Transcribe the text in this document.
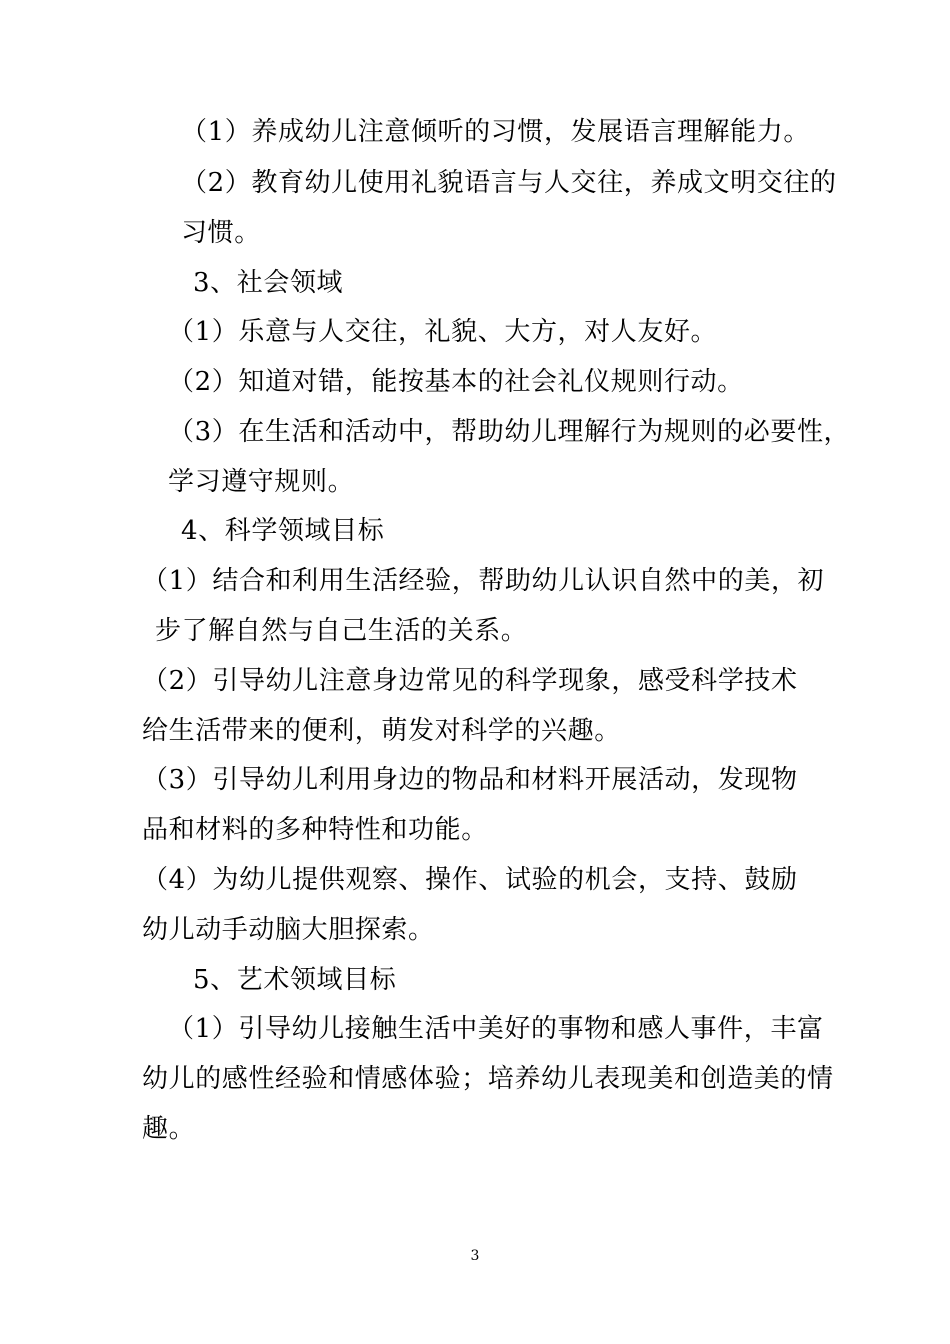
（1）养成幼儿注意倾听的习惯，发展语言理解能力。
（2）教育幼儿使用礼貌语言与人交往，养成文明交往的
习惯。
3、社会领域
（1）乐意与人交往，礼貌、大方，对人友好。
（2）知道对错，能按基本的社会礼仪规则行动。
（3）在生活和活动中，帮助幼儿理解行为规则的必要性，
学习遵守规则。
4、科学领域目标
（1）结合和利用生活经验，帮助幼儿认识自然中的美，初
步了解自然与自己生活的关系。
（2）引导幼儿注意身边常见的科学现象，感受科学技术
给生活带来的便利，萌发对科学的兴趣。
（3）引导幼儿利用身边的物品和材料开展活动，发现物
品和材料的多种特性和功能。
（4）为幼儿提供观察、操作、试验的机会，支持、鼓励
幼儿动手动脑大胆探索。
5、艺术领域目标
（1）引导幼儿接触生活中美好的事物和感人事件，丰富
幼儿的感性经验和情感体验；培养幼儿表现美和创造美的情
趣。
3
